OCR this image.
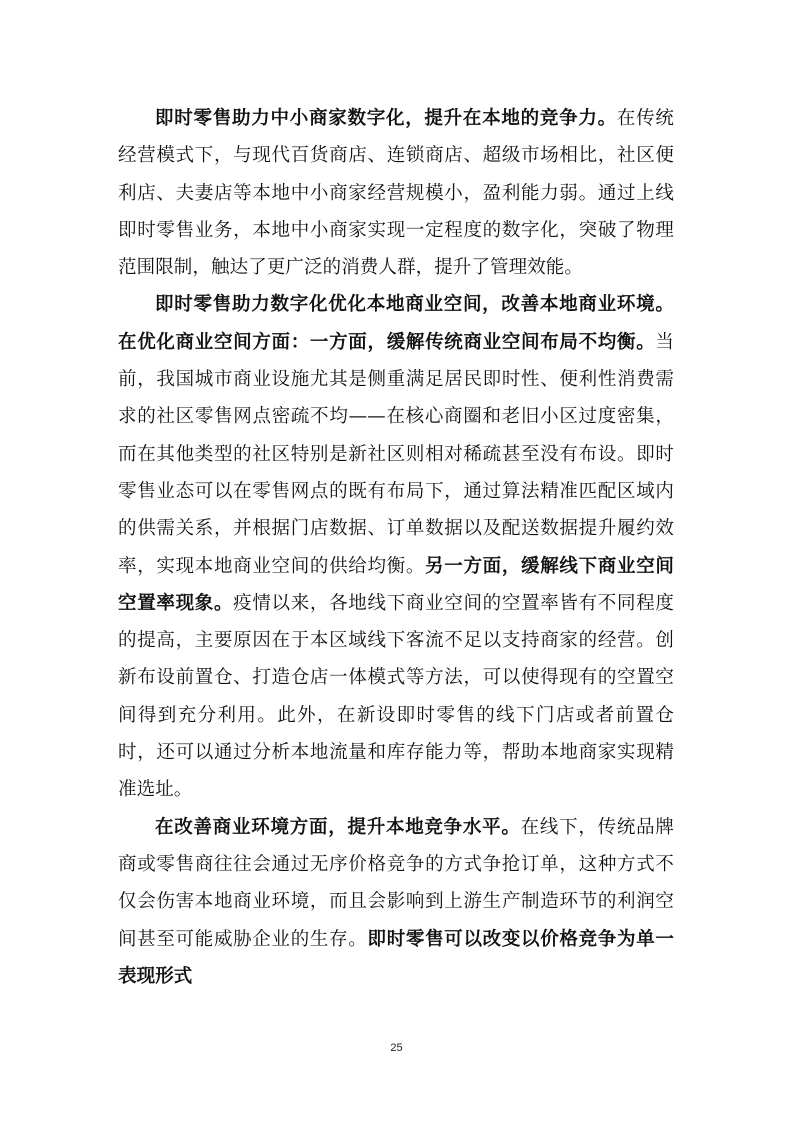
即时零售助力中小商家数字化，提升在本地的竞争力。在传统经营模式下，与现代百货商店、连锁商店、超级市场相比，社区便利店、夫妻店等本地中小商家经营规模小，盈利能力弱。通过上线即时零售业务，本地中小商家实现一定程度的数字化，突破了物理范围限制，触达了更广泛的消费人群，提升了管理效能。

即时零售助力数字化优化本地商业空间，改善本地商业环境。在优化商业空间方面：一方面，缓解传统商业空间布局不均衡。当前，我国城市商业设施尤其是侧重满足居民即时性、便利性消费需求的社区零售网点密疏不均——在核心商圈和老旧小区过度密集，而在其他类型的社区特别是新社区则相对稀疏甚至没有布设。即时零售业态可以在零售网点的既有布局下，通过算法精准匹配区域内的供需关系，并根据门店数据、订单数据以及配送数据提升履约效率，实现本地商业空间的供给均衡。另一方面，缓解线下商业空间空置率现象。疫情以来，各地线下商业空间的空置率皆有不同程度的提高，主要原因在于本区域线下客流不足以支持商家的经营。创新布设前置仓、打造仓店一体模式等方法，可以使得现有的空置空间得到充分利用。此外，在新设即时零售的线下门店或者前置仓时，还可以通过分析本地流量和库存能力等，帮助本地商家实现精准选址。

在改善商业环境方面，提升本地竞争水平。在线下，传统品牌商或零售商往往会通过无序价格竞争的方式争抢订单，这种方式不仅会伤害本地商业环境，而且会影响到上游生产制造环节的利润空间甚至可能威胁企业的生存。即时零售可以改变以价格竞争为单一表现形式

25
